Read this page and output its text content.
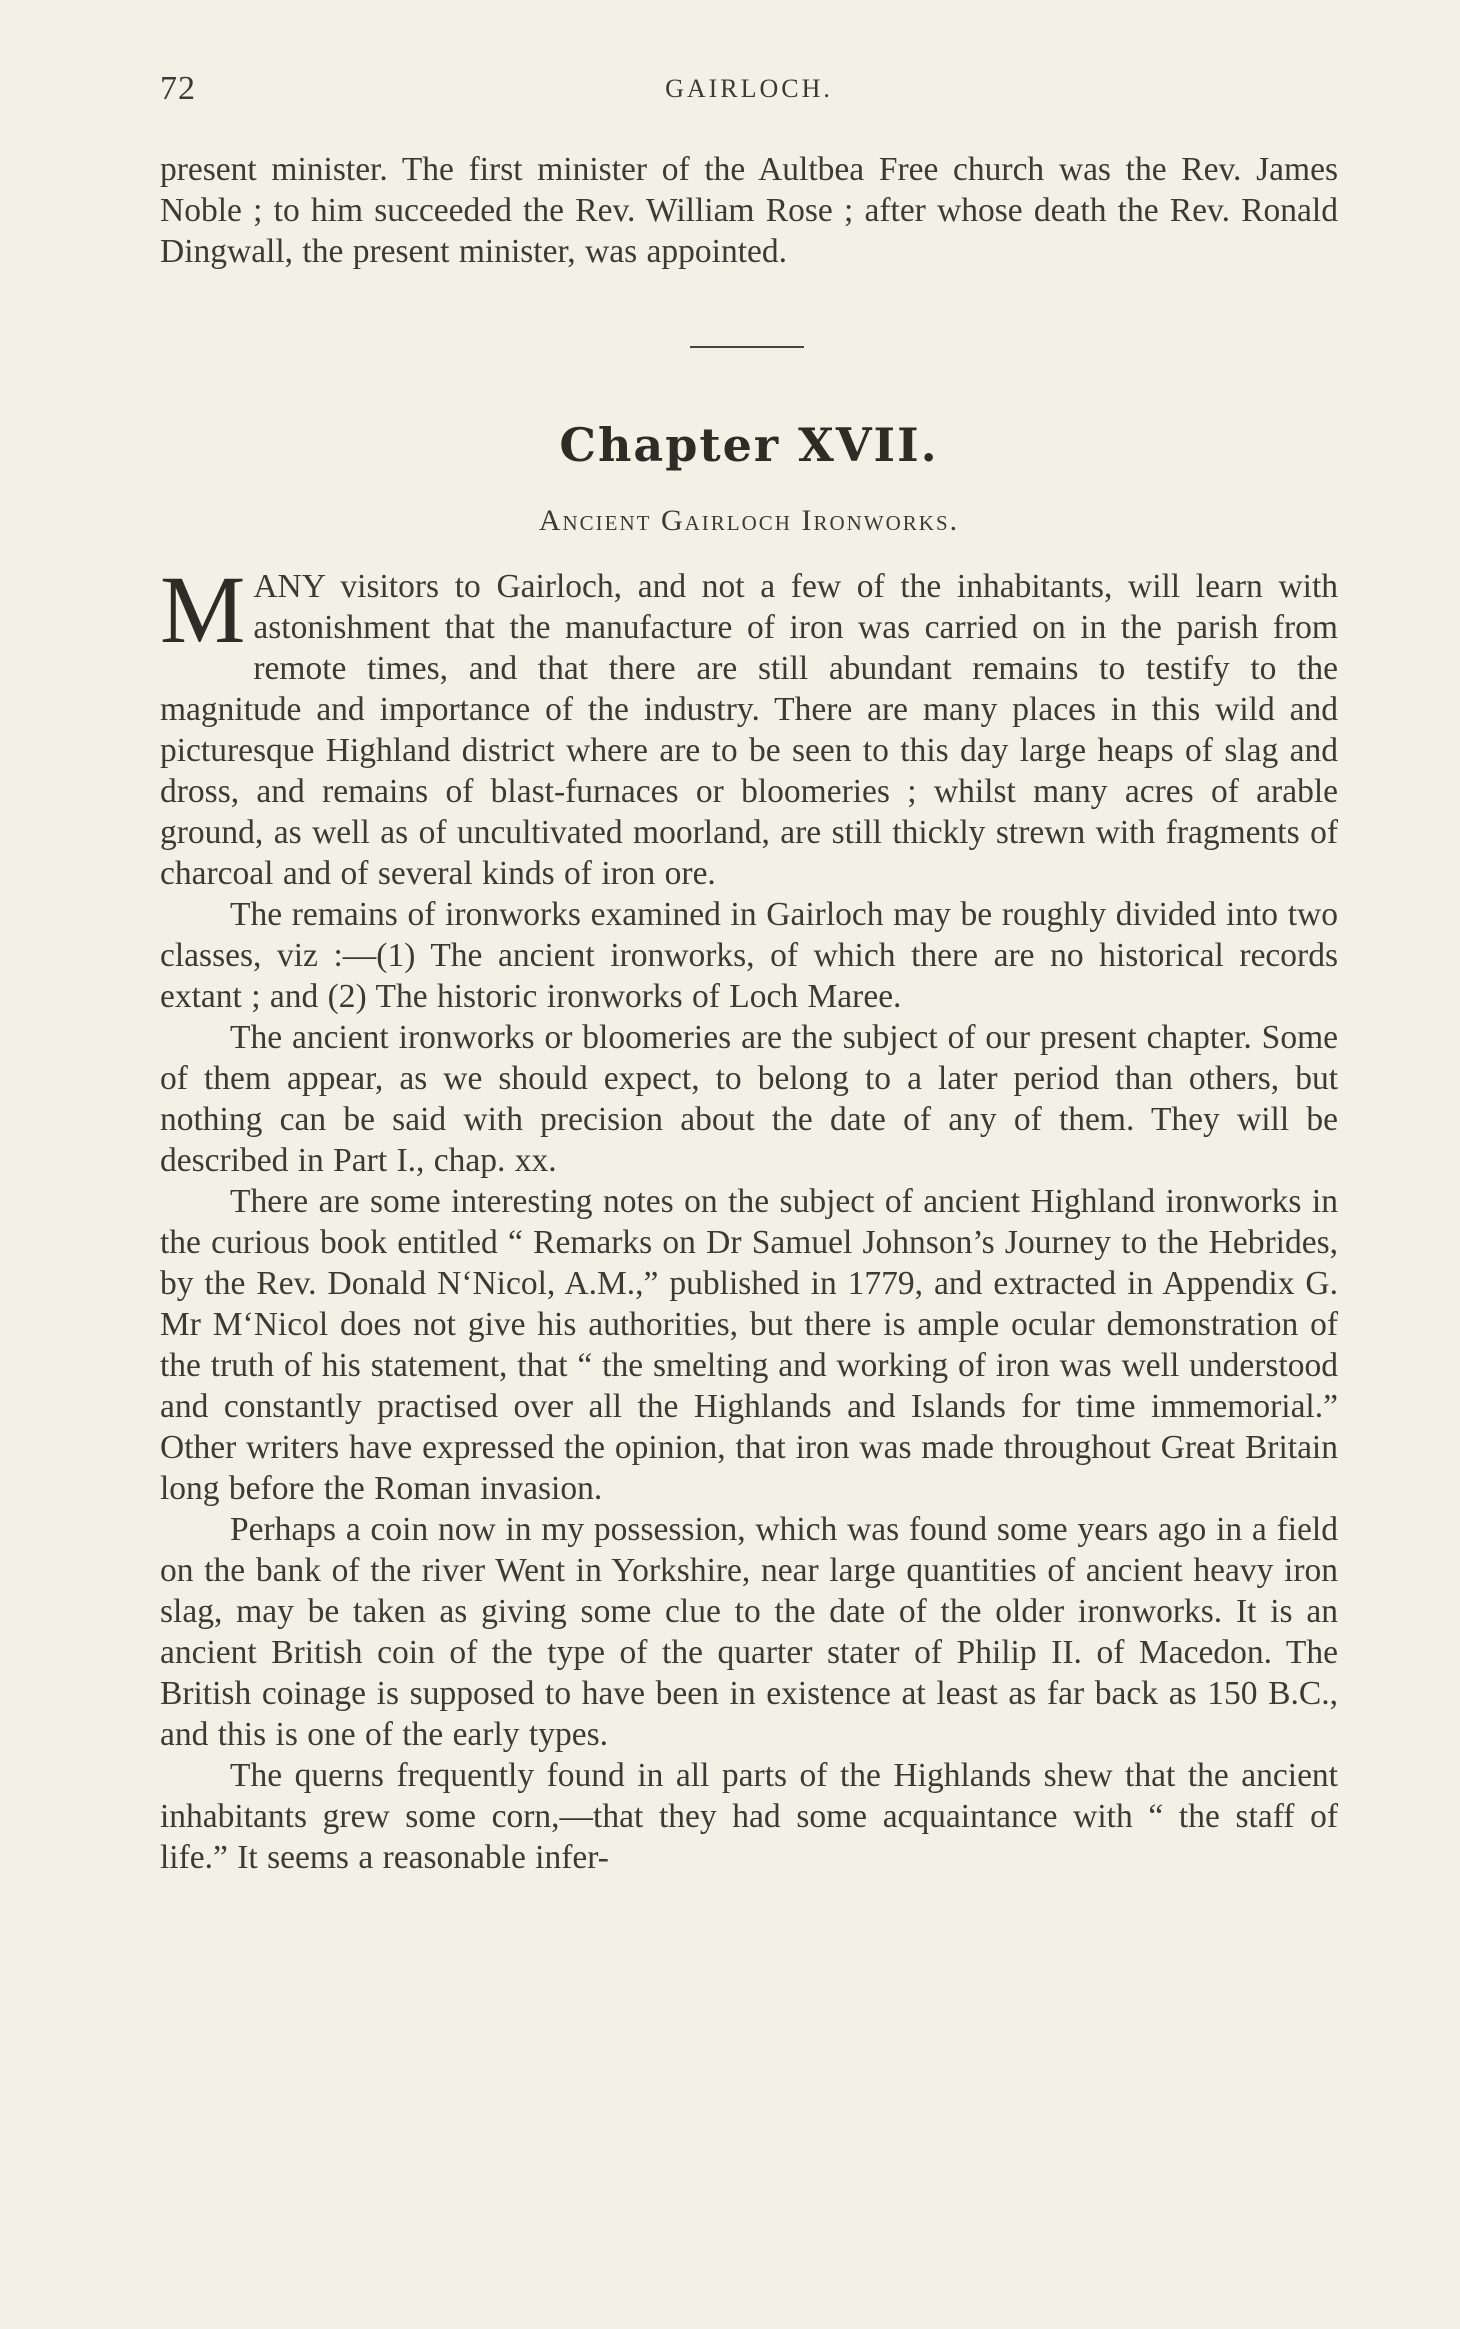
72	GAIRLOCH.

present minister. The first minister of the Aultbea Free church was the Rev. James Noble ; to him succeeded the Rev. William Rose ; after whose death the Rev. Ronald Dingwall, the present minister, was appointed.

Chapter XVII.
Ancient Gairloch Ironworks.

MANY visitors to Gairloch, and not a few of the inhabitants, will learn with astonishment that the manufacture of iron was carried on in the parish from remote times, and that there are still abundant remains to testify to the magnitude and importance of the industry. There are many places in this wild and picturesque Highland district where are to be seen to this day large heaps of slag and dross, and remains of blast-furnaces or bloomeries ; whilst many acres of arable ground, as well as of uncultivated moorland, are still thickly strewn with fragments of charcoal and of several kinds of iron ore.

The remains of ironworks examined in Gairloch may be roughly divided into two classes, viz :—(1) The ancient ironworks, of which there are no historical records extant ; and (2) The historic ironworks of Loch Maree.

The ancient ironworks or bloomeries are the subject of our present chapter. Some of them appear, as we should expect, to belong to a later period than others, but nothing can be said with precision about the date of any of them. They will be described in Part I., chap. xx.

There are some interesting notes on the subject of ancient Highland ironworks in the curious book entitled “ Remarks on Dr Samuel Johnson’s Journey to the Hebrides, by the Rev. Donald N‘Nicol, A.M.,” published in 1779, and extracted in Appendix G. Mr M‘Nicol does not give his authorities, but there is ample ocular demonstration of the truth of his statement, that “ the smelting and working of iron was well understood and constantly practised over all the Highlands and Islands for time immemorial.” Other writers have expressed the opinion, that iron was made throughout Great Britain long before the Roman invasion.

Perhaps a coin now in my possession, which was found some years ago in a field on the bank of the river Went in Yorkshire, near large quantities of ancient heavy iron slag, may be taken as giving some clue to the date of the older ironworks. It is an ancient British coin of the type of the quarter stater of Philip II. of Macedon. The British coinage is supposed to have been in existence at least as far back as 150 B.C., and this is one of the early types.

The querns frequently found in all parts of the Highlands shew that the ancient inhabitants grew some corn,—that they had some acquaintance with “ the staff of life.” It seems a reasonable infer-
